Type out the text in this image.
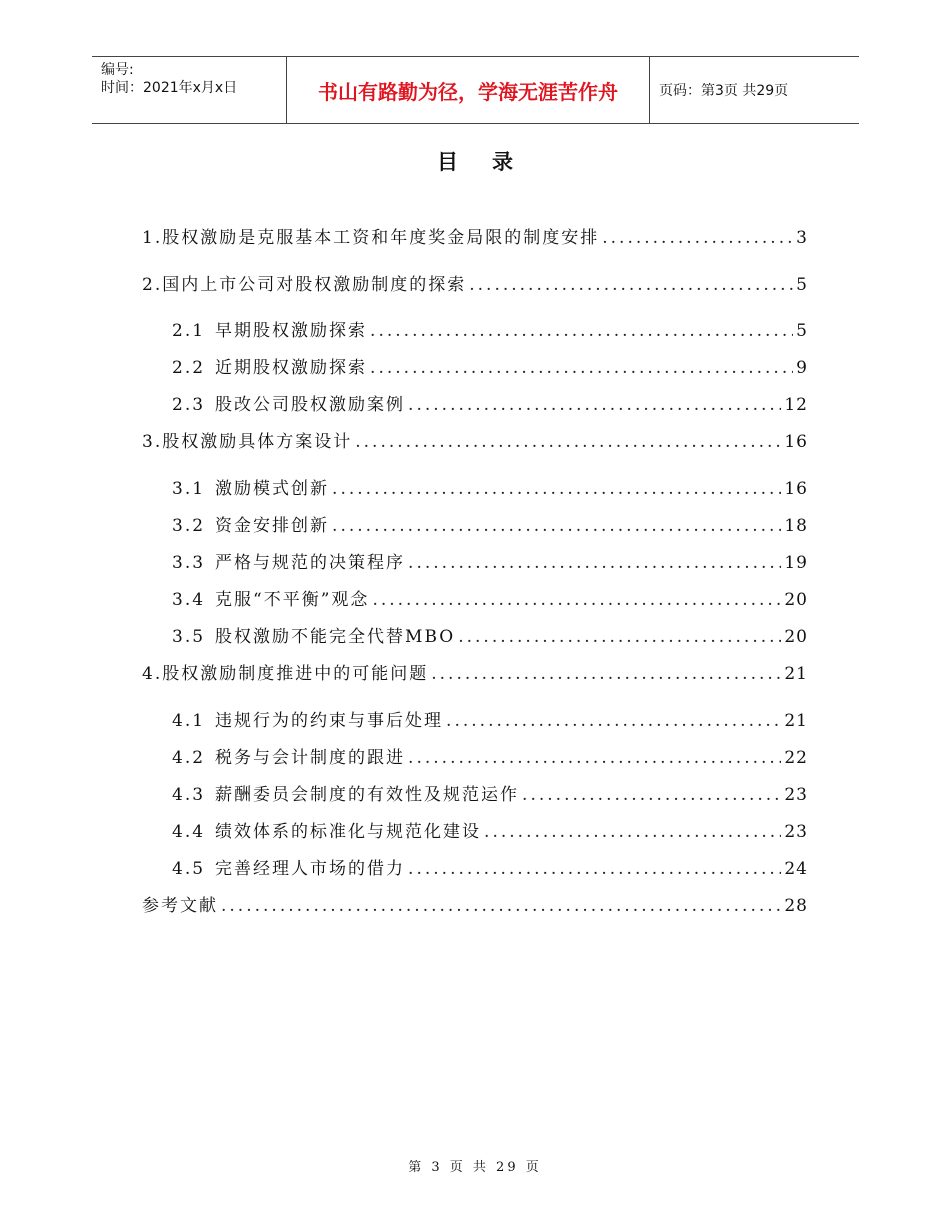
编号:
时间：2021年x月x日	书山有路勤为径，学海无涯苦作舟	页码：第3页 共29页
目录
1. 股权激励是克服基本工资和年度奖金局限的制度安排 .....	3
2. 国内上市公司对股权激励制度的探索 .....	5
2.1 早期股权激励探索 .....	5
2.2 近期股权激励探索 .....	9
2.3 股改公司股权激励案例 .....	12
3. 股权激励具体方案设计 .....	16
3.1 激励模式创新 .....	16
3.2 资金安排创新 .....	18
3.3 严格与规范的决策程序 .....	19
3.4 克服“不平衡”观念 .....	20
3.5 股权激励不能完全代替MBO .....	20
4. 股权激励制度推进中的可能问题 .....	21
4.1 违规行为的约束与事后处理 .....	21
4.2 税务与会计制度的跟进 .....	22
4.3 薪酬委员会制度的有效性及规范运作 .....	23
4.4 绩效体系的标准化与规范化建设 .....	23
4.5 完善经理人市场的借力 .....	24
参考文献 .....	28
第 3 页 共 29 页
